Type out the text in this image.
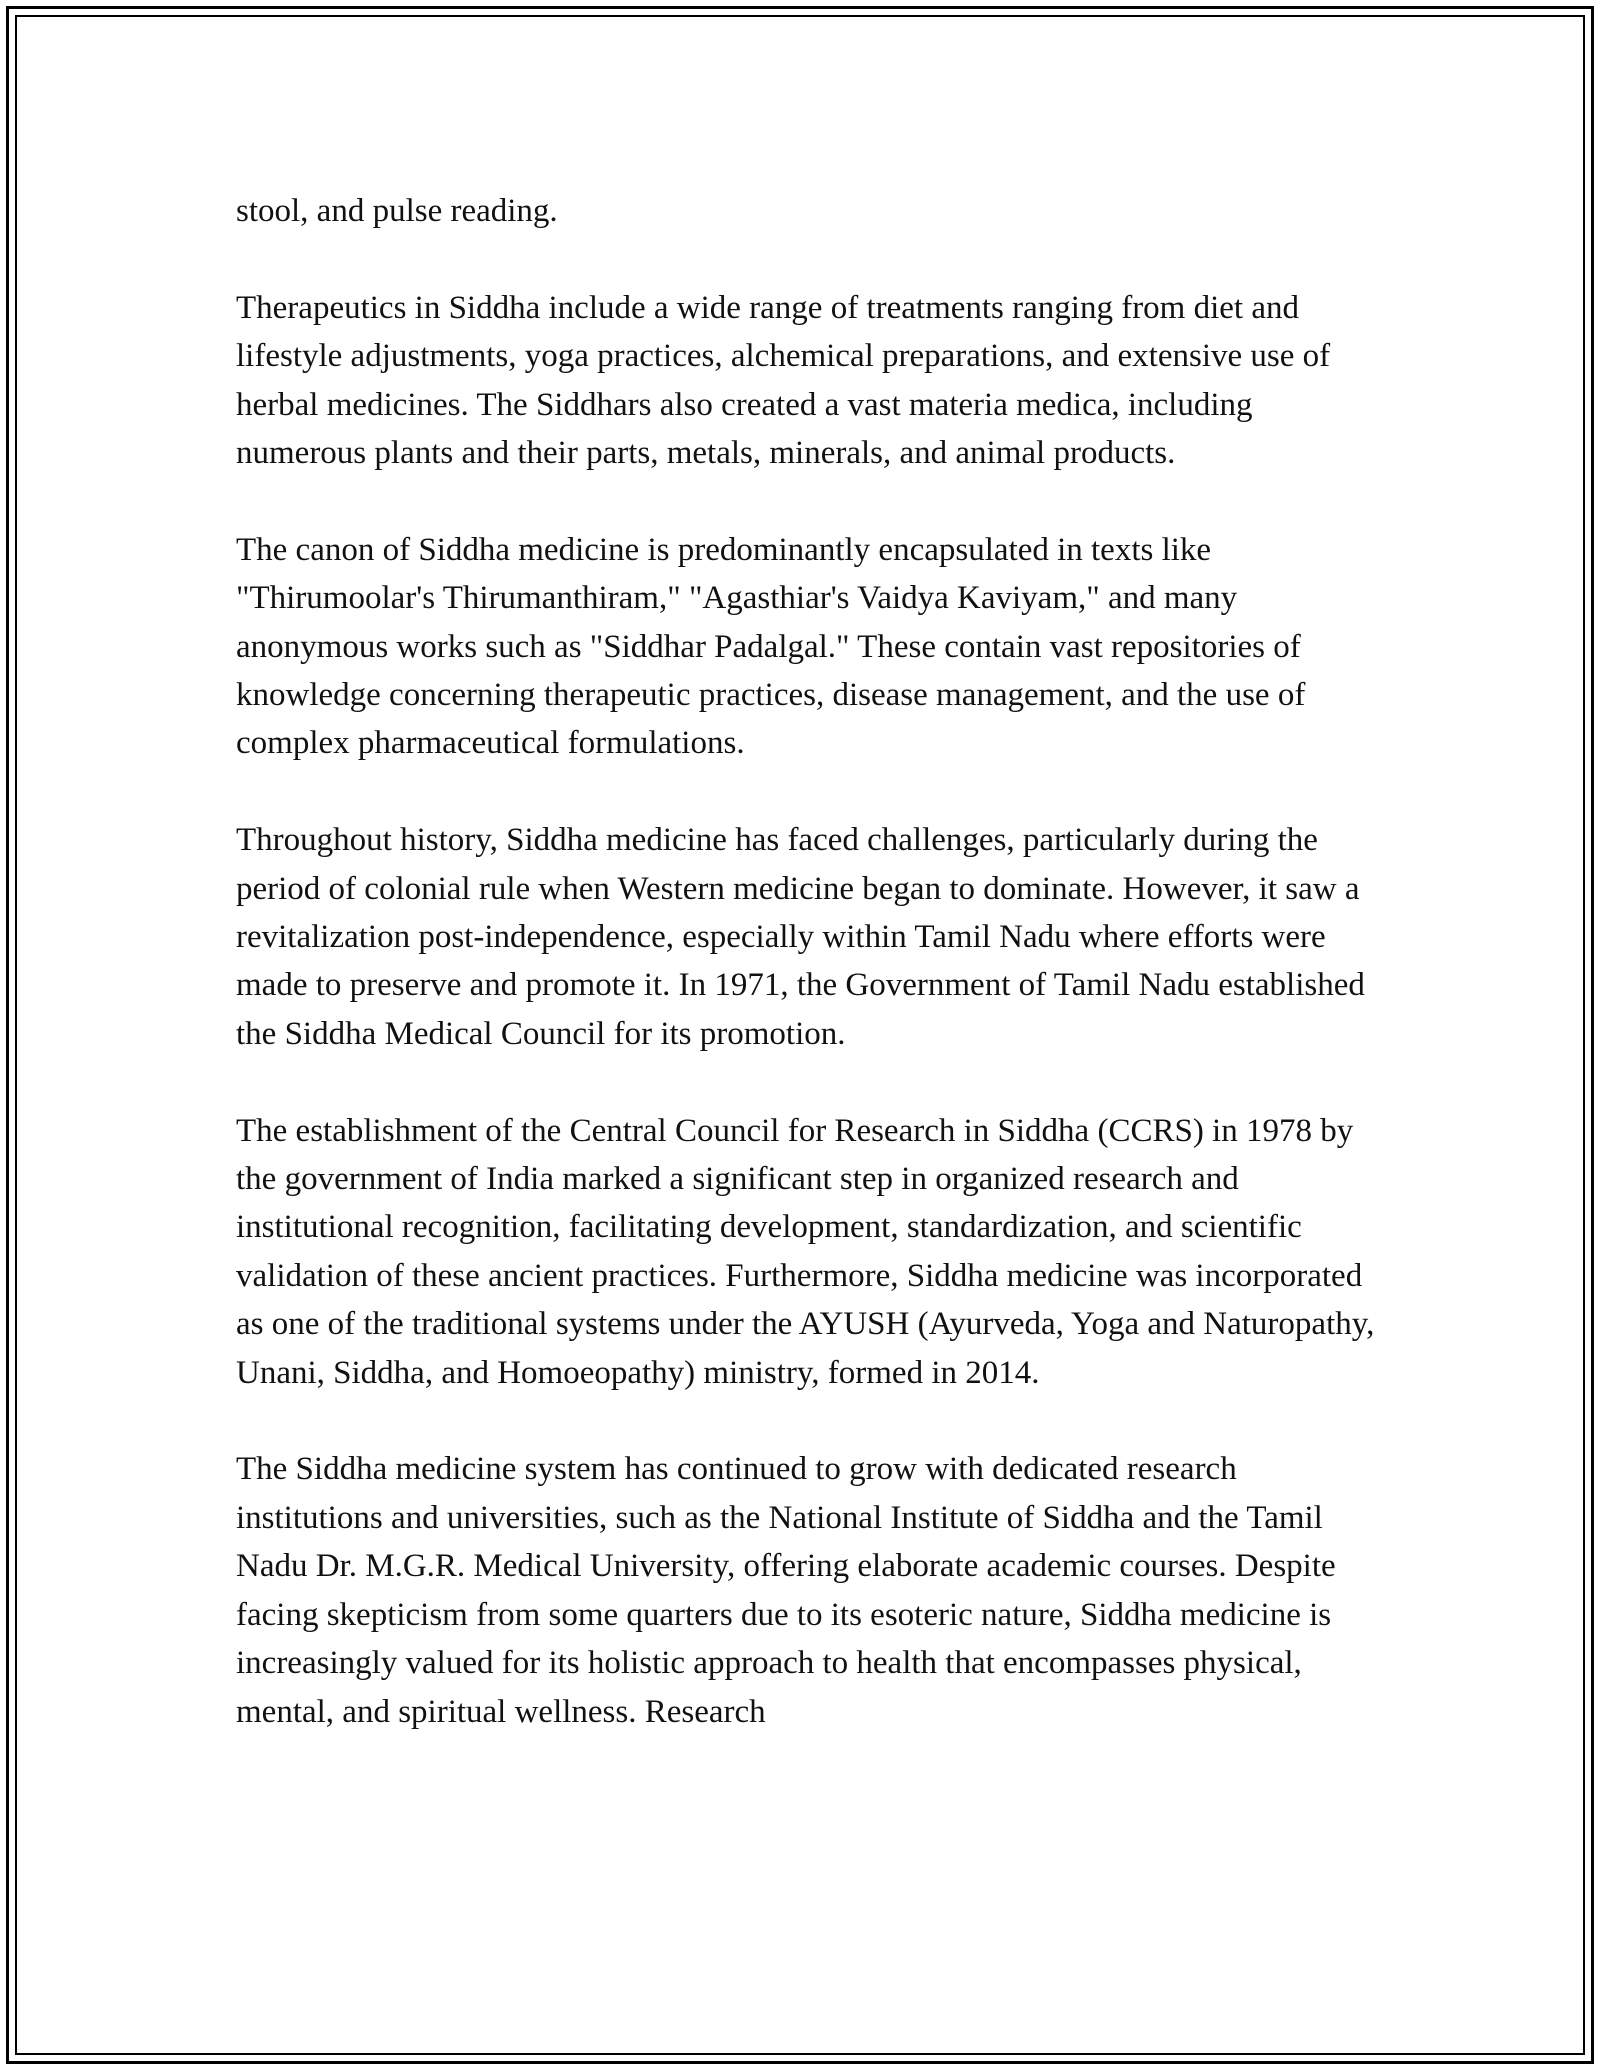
stool, and pulse reading.

Therapeutics in Siddha include a wide range of treatments ranging from diet and lifestyle adjustments, yoga practices, alchemical preparations, and extensive use of herbal medicines. The Siddhars also created a vast materia medica, including numerous plants and their parts, metals, minerals, and animal products.

The canon of Siddha medicine is predominantly encapsulated in texts like "Thirumoolar's Thirumanthiram," "Agasthiar's Vaidya Kaviyam," and many anonymous works such as "Siddhar Padalgal." These contain vast repositories of knowledge concerning therapeutic practices, disease management, and the use of complex pharmaceutical formulations.

Throughout history, Siddha medicine has faced challenges, particularly during the period of colonial rule when Western medicine began to dominate. However, it saw a revitalization post-independence, especially within Tamil Nadu where efforts were made to preserve and promote it. In 1971, the Government of Tamil Nadu established the Siddha Medical Council for its promotion.

The establishment of the Central Council for Research in Siddha (CCRS) in 1978 by the government of India marked a significant step in organized research and institutional recognition, facilitating development, standardization, and scientific validation of these ancient practices. Furthermore, Siddha medicine was incorporated as one of the traditional systems under the AYUSH (Ayurveda, Yoga and Naturopathy, Unani, Siddha, and Homoeopathy) ministry, formed in 2014.

The Siddha medicine system has continued to grow with dedicated research institutions and universities, such as the National Institute of Siddha and the Tamil Nadu Dr. M.G.R. Medical University, offering elaborate academic courses. Despite facing skepticism from some quarters due to its esoteric nature, Siddha medicine is increasingly valued for its holistic approach to health that encompasses physical, mental, and spiritual wellness. Research
